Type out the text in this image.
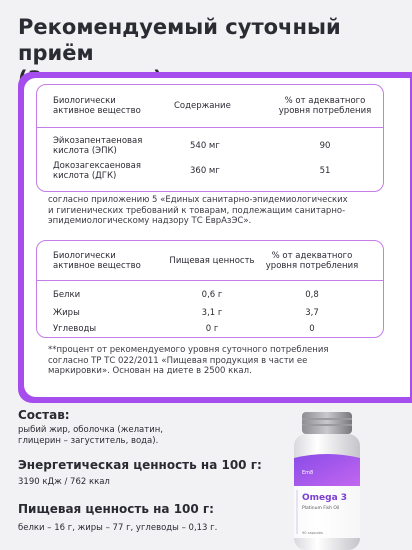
Рекомендуемый суточный приём
Биологически
активное вещество	Содержание	% от адекватного
уровня потребления
Эйкозапентаеновая
кислота (ЭПК)	540 мг	90
Докозагексаеновая
кислота (ДГК)	360 мг	51
согласно приложению 5 «Единых санитарно-эпидемиологических
и гигиенических требований к товарам, подлежащим санитарно-
эпидемиологическому надзору ТС ЕврАзЭС».
Биологически
активное вещество	Пищевая ценность	% от адекватного
уровня потребления
Белки	0,6 г	0,8
Жиры	3,1 г	3,7
Углеводы	0 г	0
**процент от рекомендуемого уровня суточного потребления
согласно ТР ТС 022/2011 «Пищевая продукция в части ее
маркировки». Основан на диете в 2500 ккал.
Состав:
рыбий жир, оболочка (желатин,
глицерин – загуститель, вода).
Энергетическая ценность на 100 г:
3190 кДж / 762 ккал
Пищевая ценность на 100 г:
белки – 16 г, жиры – 77 г, углеводы – 0,13 г.
Em8
Omega 3
Platinum Fish Oil
90 capsules
